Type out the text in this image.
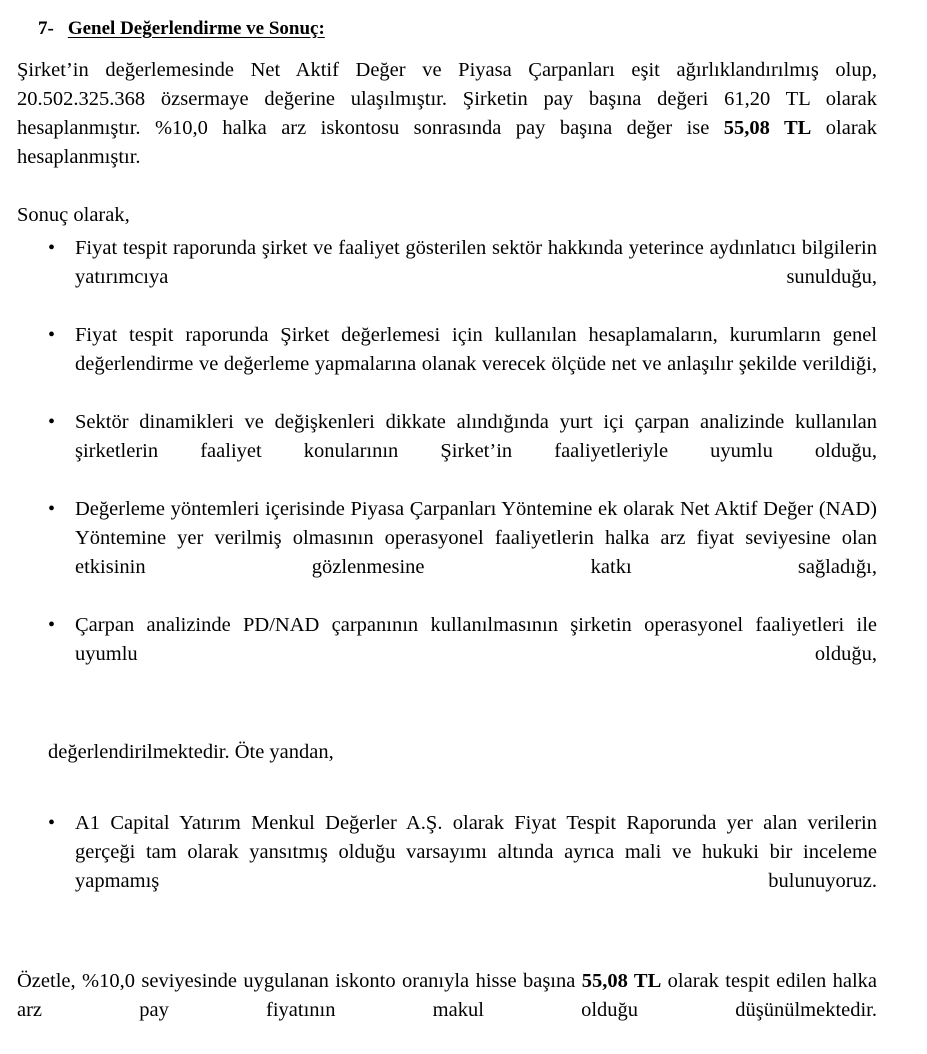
7- Genel Değerlendirme ve Sonuç:

Şirket’in değerlemesinde Net Aktif Değer ve Piyasa Çarpanları eşit ağırlıklandırılmış olup, 20.502.325.368 özsermaye değerine ulaşılmıştır. Şirketin pay başına değeri 61,20 TL olarak hesaplanmıştır. %10,0 halka arz iskontosu sonrasında pay başına değer ise 55,08 TL olarak hesaplanmıştır.

Sonuç olarak,

• Fiyat tespit raporunda şirket ve faaliyet gösterilen sektör hakkında yeterince aydınlatıcı bilgilerin yatırımcıya sunulduğu,
• Fiyat tespit raporunda Şirket değerlemesi için kullanılan hesaplamaların, kurumların genel değerlendirme ve değerleme yapmalarına olanak verecek ölçüde net ve anlaşılır şekilde verildiği,
• Sektör dinamikleri ve değişkenleri dikkate alındığında yurt içi çarpan analizinde kullanılan şirketlerin faaliyet konularının Şirket’in faaliyetleriyle uyumlu olduğu,
• Değerleme yöntemleri içerisinde Piyasa Çarpanları Yöntemine ek olarak Net Aktif Değer (NAD) Yöntemine yer verilmiş olmasının operasyonel faaliyetlerin halka arz fiyat seviyesine olan etkisinin gözlenmesine katkı sağladığı,
• Çarpan analizinde PD/NAD çarpanının kullanılmasının şirketin operasyonel faaliyetleri ile uyumlu olduğu,

değerlendirilmektedir. Öte yandan,

• A1 Capital Yatırım Menkul Değerler A.Ş. olarak Fiyat Tespit Raporunda yer alan verilerin gerçeği tam olarak yansıtmış olduğu varsayımı altında ayrıca mali ve hukuki bir inceleme yapmamış bulunuyoruz.

Özetle, %10,0 seviyesinde uygulanan iskonto oranıyla hisse başına 55,08 TL olarak tespit edilen halka arz pay fiyatının makul olduğu düşünülmektedir.
